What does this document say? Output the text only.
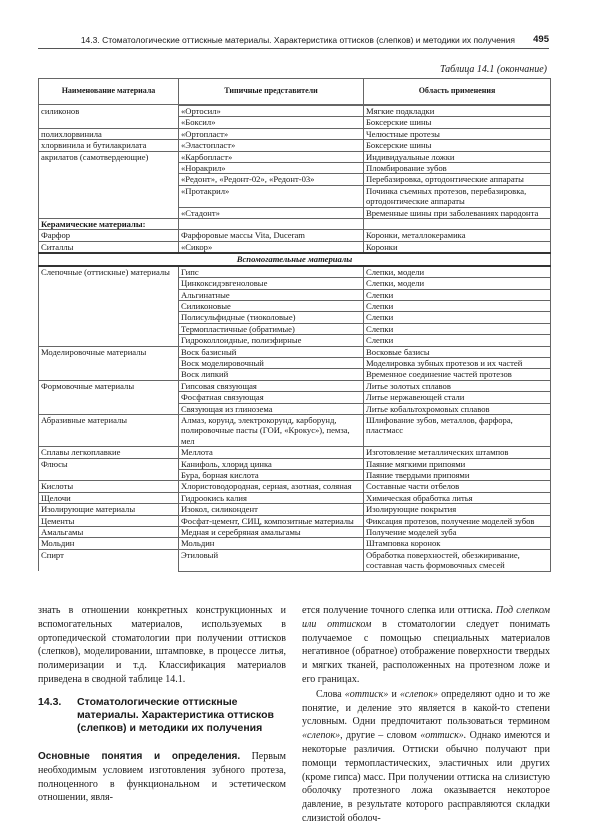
14.3. Стоматологические оттискные материалы. Характеристика оттисков (слепков) и методики их получения 495
Таблица 14.1 (окончание)
Наименование материала	Типичные представители	Область применения

силиконов	«Ортосил»	Мягкие подкладки
	«Боксил»	Боксерские шины
полихлорвинила	«Ортопласт»	Челюстные протезы
хлорвинила и бутилакрилата	«Эластопласт»	Боксерские шины
акрилатов (самотвердеющие)	«Карбопласт»	Индивидуальные ложки
	«Норакрил»	Пломбирование зубов
	«Редонт», «Редонт-02», «Редонт-03»	Перебазировка, ортодонтические аппараты
	«Протакрил»	Починка съемных протезов, перебазировка, ортодонтические аппараты
	«Стадонт»	Временные шины при заболеваниях пародонта
Керамические материалы:		
Фарфор	Фарфоровые массы Vita, Duceram	Коронки, металлокерамика
Ситаллы	«Сикор»	Коронки
Вспомогательные материалы		
Слепочные (оттискные) материалы	Гипс	Слепки, модели
	Цинкоксидэвгеноловые	Слепки, модели
	Альгинатные	Слепки
	Силиконовые	Слепки
	Полисульфидные (тиоколовые)	Слепки
	Термопластичные (обратимые)	Слепки
	Гидроколлоидные, полиэфирные	Слепки
Моделировочные материалы	Воск базисный	Восковые базисы
	Воск моделировочный	Моделировка зубных протезов и их частей
	Воск липкий	Временное соединение частей протезов
Формовочные материалы	Гипсовая связующая	Литье золотых сплавов
	Фосфатная связующая	Литье нержавеющей стали
	Связующая из глинозема	Литье кобальтохромовых сплавов
Абразивные материалы	Алмаз, корунд, электрокорунд, карборунд, полировочные пасты (ГОИ, «Крокус»), пемза, мел	Шлифование зубов, металлов, фарфора, пластмасс
Сплавы легкоплавкие	Меллота	Изготовление металлических штампов
Флюсы	Канифоль, хлорид цинка	Паяние мягкими припоями
	Бура, борная кислота	Паяние твердыми припоями
Кислоты	Хлористоводородная, серная, азотная, соляная	Составные части отбелов
Щелочи	Гидроокись калия	Химическая обработка литья
Изолирующие материалы	Изокол, силикондент	Изолирующие покрытия
Цементы	Фосфат-цемент, СИЦ, композитные материалы	Фиксация протезов, получение моделей зубов
Амальгамы	Медная и серебряная амальгамы	Получение моделей зуба
Мольдин	Мольдин	Штамповка коронок
Спирт	Этиловый	Обработка поверхностей, обезжиривание, составная часть формовочных смесей

знать в отношении конкретных конструкционных и вспомогательных материалов, используемых в ортопедической стоматологии при получении оттисков (слепков), моделировании, штамповке, в процессе литья, полимеризации и т.д. Классификация материалов приведена в сводной таблице 14.1.

14.3. Стоматологические оттискные материалы. Характеристика оттисков (слепков) и методики их получения

Основные понятия и определения. Первым необходимым условием изготовления зубного протеза, полноценного в функциональном и эстетическом отношении, явля-

ется получение точного слепка или оттиска. Под слепком или оттиском в стоматологии следует понимать получаемое с помощью специальных материалов негативное (обратное) отображение поверхности твердых и мягких тканей, расположенных на протезном ложе и его границах.

Слова «оттиск» и «слепок» определяют одно и то же понятие, и деление это является в какой-то степени условным. Одни предпочитают пользоваться термином «слепок», другие – словом «оттиск». Однако имеются и некоторые различия. Оттиски обычно получают при помощи термопластических, эластичных или других (кроме гипса) масс. При получении оттиска на слизистую оболочку протезного ложа оказывается некоторое давление, в результате которого расправляются складки слизистой оболоч-
